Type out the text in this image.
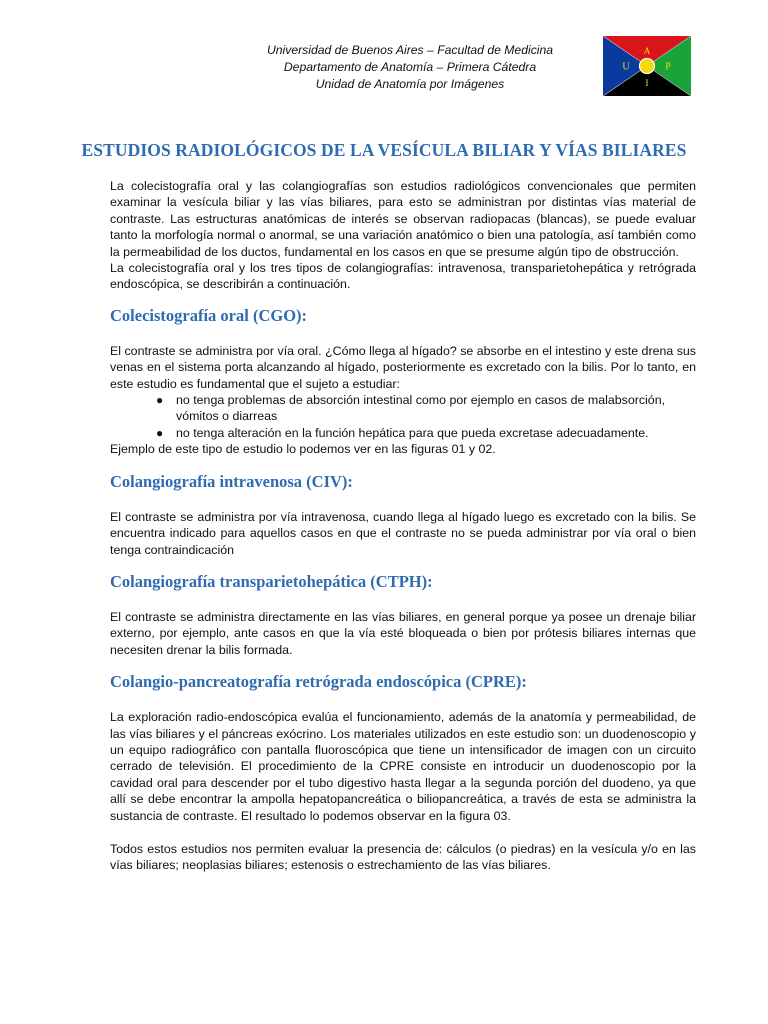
Universidad de Buenos Aires – Facultad de Medicina
Departamento de Anatomía – Primera Cátedra
Unidad de Anatomía por Imágenes
A
U	P
I
ESTUDIOS RADIOLÓGICOS DE LA VESÍCULA BILIAR Y VÍAS BILIARES

La colecistografía oral y las colangiografías son estudios radiológicos convencionales que permiten examinar la vesícula biliar y las vías biliares, para esto se administran por distintas vías material de contraste. Las estructuras anatómicas de interés se observan radiopacas (blancas), se puede evaluar tanto la morfología normal o anormal, se una variación anatómico o bien una patología, así también como la permeabilidad de los ductos, fundamental en los casos en que se presume algún tipo de obstrucción.

La colecistografía oral y los tres tipos de colangiografías: intravenosa, transparietohepática y retrógrada endoscópica, se describirán a continuación.

Colecistografía oral (CGO):

El contraste se administra por vía oral. ¿Cómo llega al hígado? se absorbe en el intestino y este drena sus venas en el sistema porta alcanzando al hígado, posteriormente es excretado con la bilis. Por lo tanto, en este estudio es fundamental que el sujeto a estudiar:

● no tenga problemas de absorción intestinal como por ejemplo en casos de malabsorción, vómitos o diarreas
● no tenga alteración en la función hepática para que pueda excretase adecuadamente.

Ejemplo de este tipo de estudio lo podemos ver en las figuras 01 y 02.

Colangiografía intravenosa (CIV):

El contraste se administra por vía intravenosa, cuando llega al hígado luego es excretado con la bilis. Se encuentra indicado para aquellos casos en que el contraste no se pueda administrar por vía oral o bien tenga contraindicación

Colangiografía transparietohepática (CTPH):

El contraste se administra directamente en las vías biliares, en general porque ya posee un drenaje biliar externo, por ejemplo, ante casos en que la vía esté bloqueada o bien por prótesis biliares internas que necesiten drenar la bilis formada.

Colangio-pancreatografía retrógrada endoscópica (CPRE):

La exploración radio-endoscópica evalúa el funcionamiento, además de la anatomía y permeabilidad, de las vías biliares y el páncreas exócrino. Los materiales utilizados en este estudio son: un duodenoscopio y un equipo radiográfico con pantalla fluoroscópica que tiene un intensificador de imagen con un circuito cerrado de televisión. El procedimiento de la CPRE consiste en introducir un duodenoscopio por la cavidad oral para descender por el tubo digestivo hasta llegar a la segunda porción del duodeno, ya que allí se debe encontrar la ampolla hepatopancreática o biliopancreática, a través de esta se administra la sustancia de contraste. El resultado lo podemos observar en la figura 03.

Todos estos estudios nos permiten evaluar la presencia de: cálculos (o piedras) en la vesícula y/o en las vías biliares; neoplasias biliares; estenosis o estrechamiento de las vías biliares.
